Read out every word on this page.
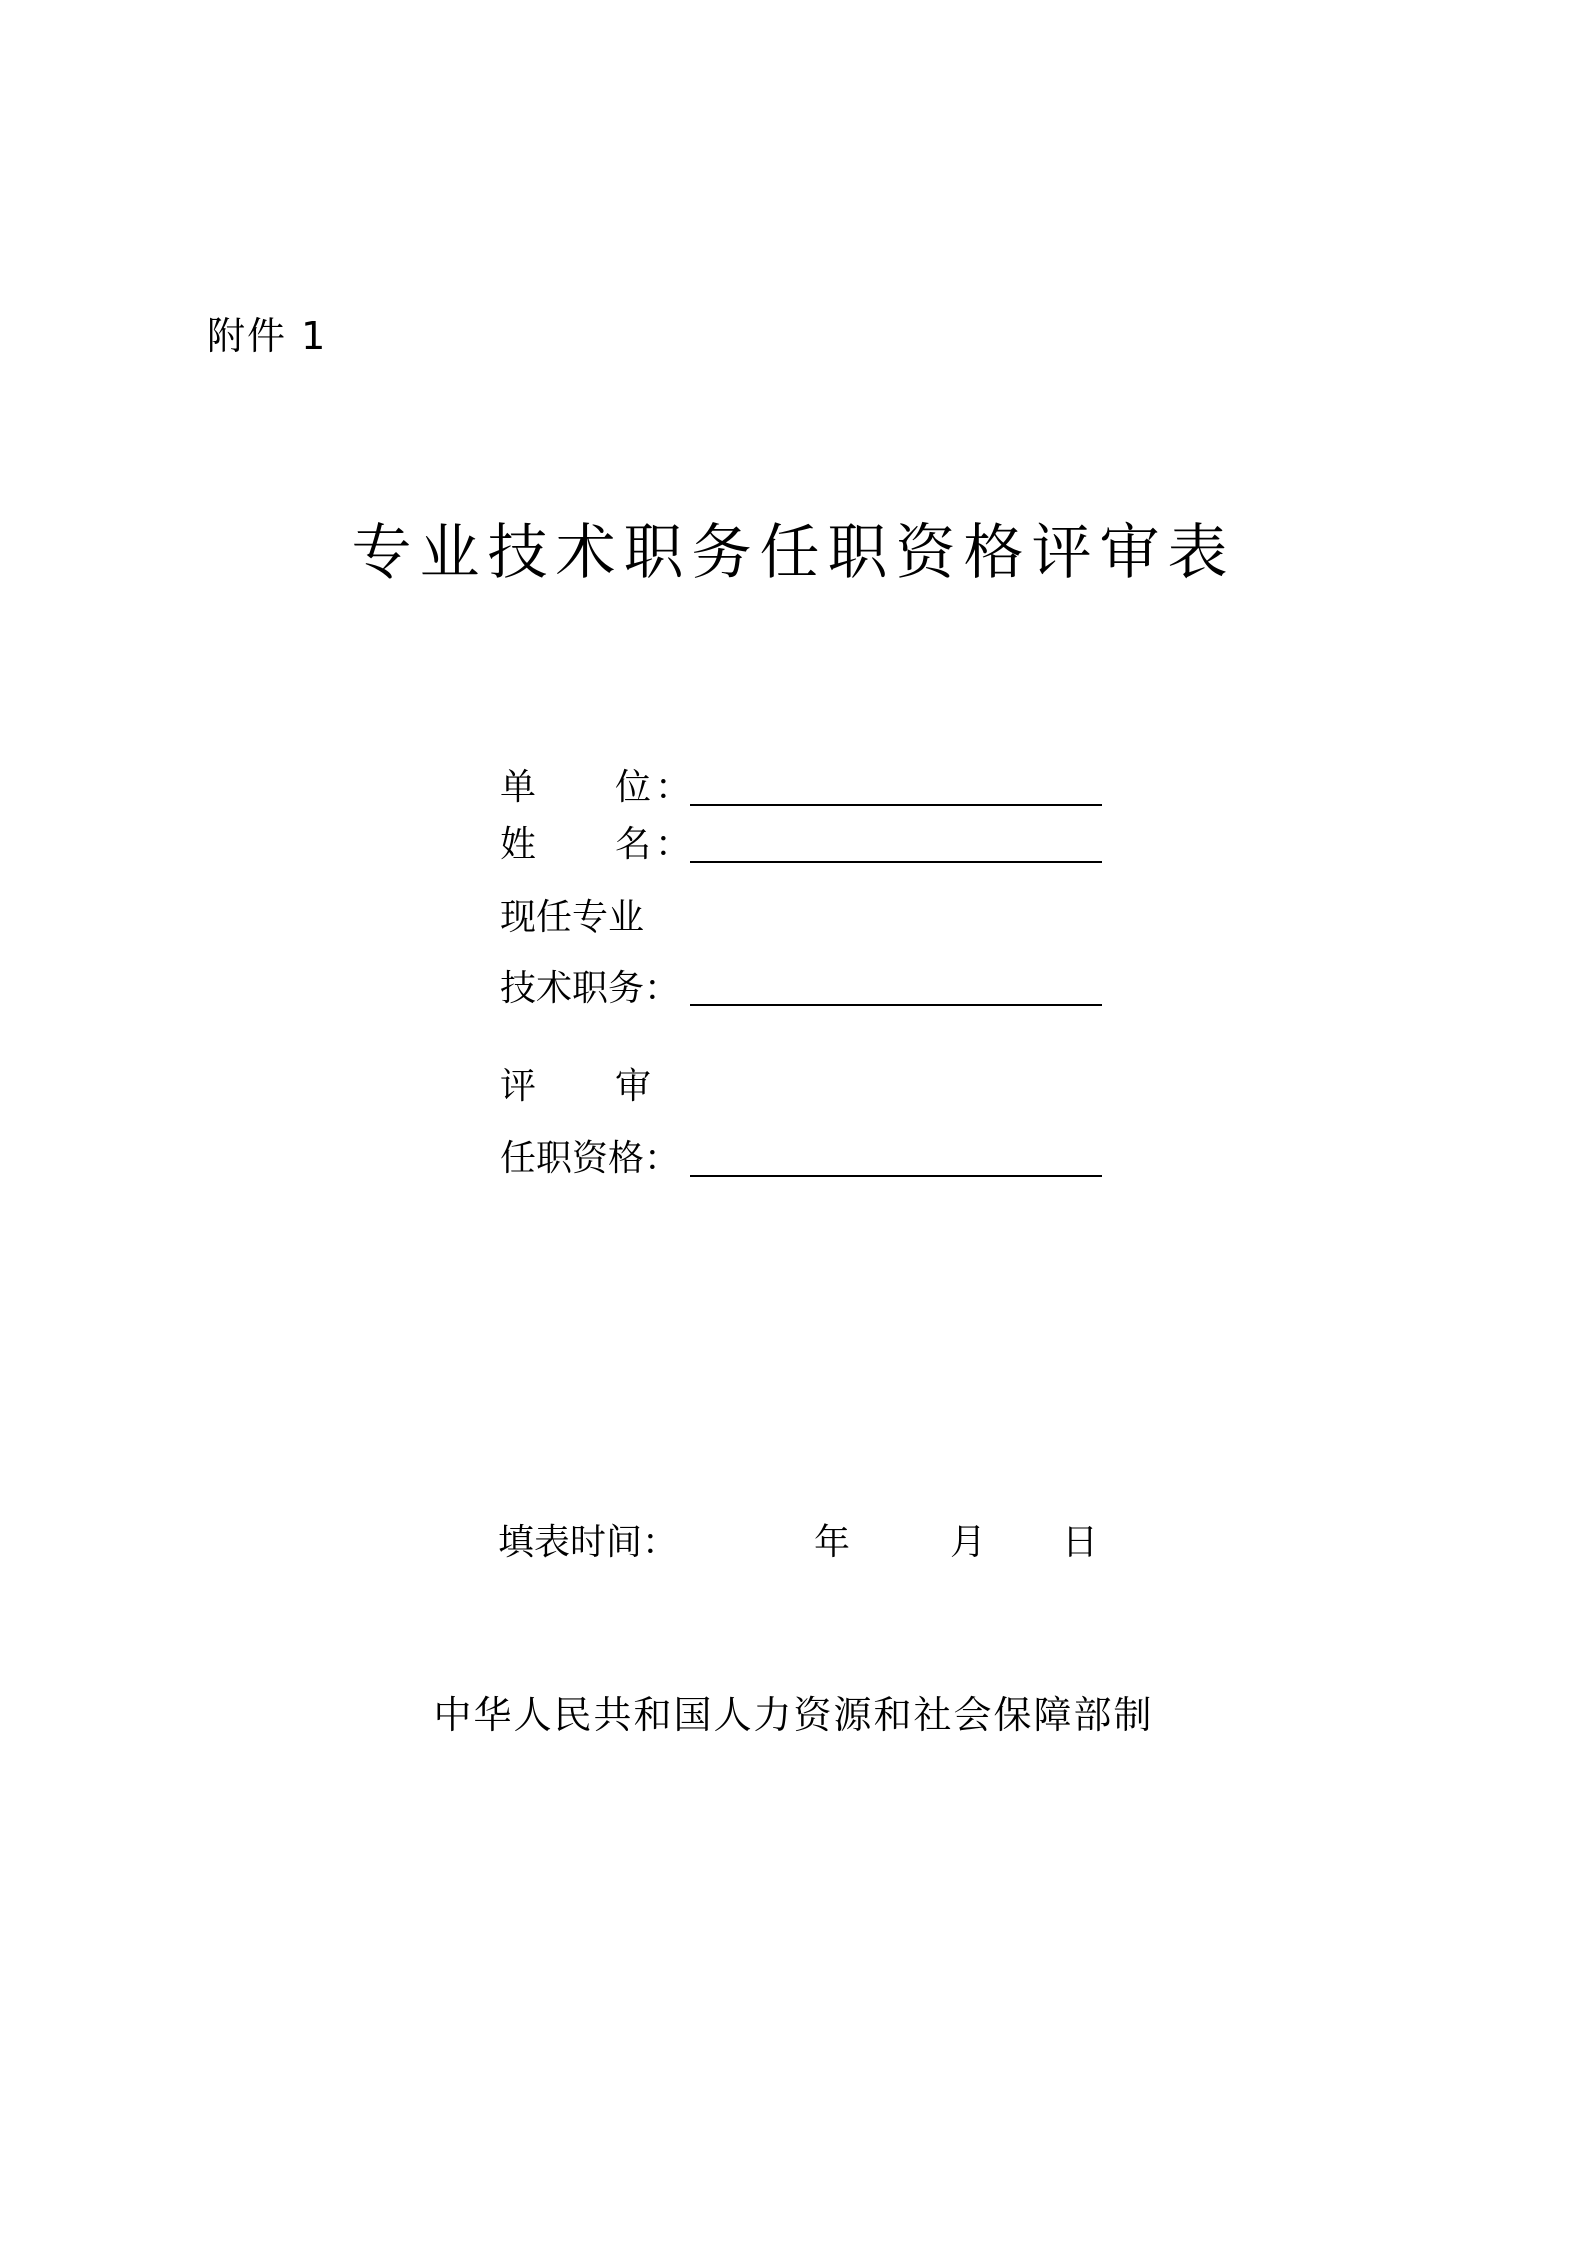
附件 1
专业技术职务任职资格评审表
单 位 ：
姓 名 ：
现任专业
技术职务：
评 审
任职资格：
填表时间：	年	月 日
中华人民共和国人力资源和社会保障部制
